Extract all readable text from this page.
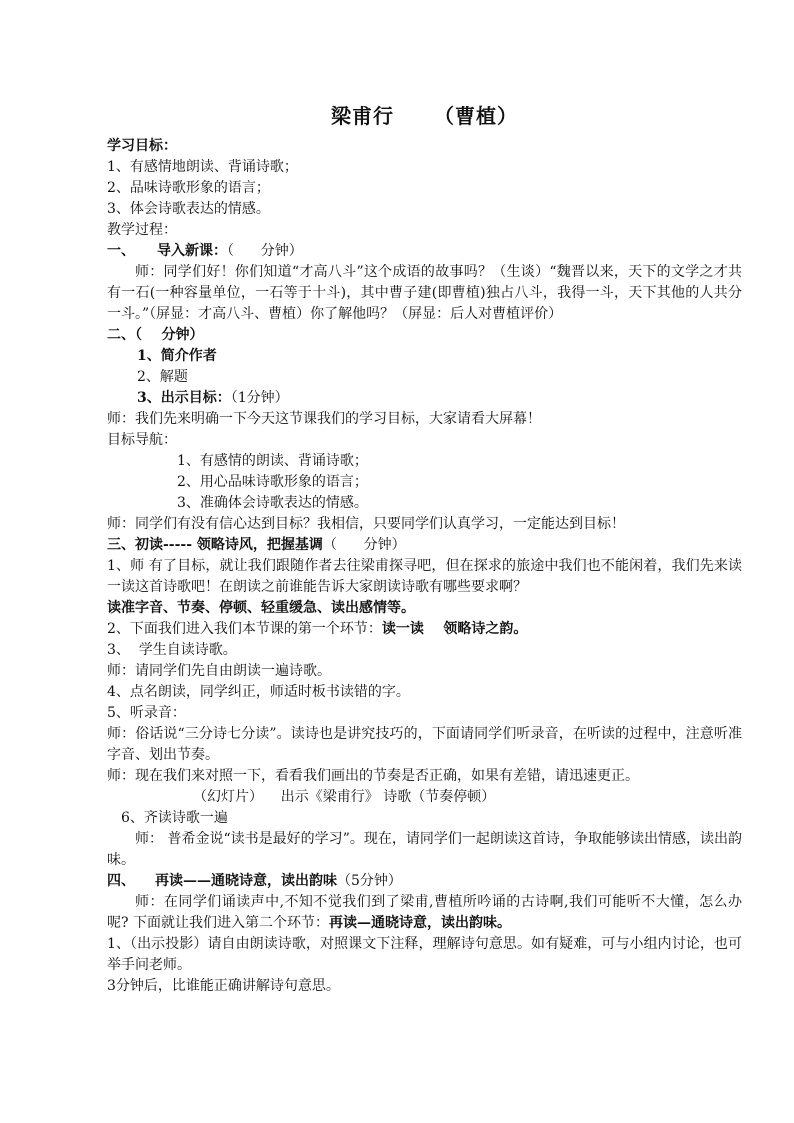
梁甫行 （曹植）
学习目标：
1、有感情地朗读、背诵诗歌；
2、品味诗歌形象的语言；
3、体会诗歌表达的情感。
教学过程：
一、 导入新课：（      分钟）
师：同学们好！你们知道“才高八斗”这个成语的故事吗？（生谈）“魏晋以来，天下的文学之才共有一石(一种容量单位，一石等于十斗)，其中曹子建(即曹植)独占八斗，我得一斗，天下其他的人共分一斗。”（屏显：才高八斗、曹植）你了解他吗？（屏显：后人对曹植评价）
二、（    分钟）
1、简介作者
2、解题
3、出示目标：（1分钟）
师：我们先来明确一下今天这节课我们的学习目标，大家请看大屏幕！
目标导航：
1、有感情的朗读、背诵诗歌；
2、用心品味诗歌形象的语言；
3、准确体会诗歌表达的情感。
师：同学们有没有信心达到目标？我相信，只要同学们认真学习，一定能达到目标！
三、初读----- 领略诗风，把握基调（      分钟）
1、师 有了目标，就让我们跟随作者去往梁甫探寻吧，但在探求的旅途中我们也不能闲着，我们先来读一读这首诗歌吧！在朗读之前谁能告诉大家朗读诗歌有哪些要求啊？
读准字音、节奏、停顿、轻重缓急、读出感情等。
2、下面我们进入我们本节课的第一个环节：读一读    领略诗之韵。
3、  学生自读诗歌。
师：请同学们先自由朗读一遍诗歌。
4、点名朗读，同学纠正，师适时板书读错的字。
5、听录音：
师：俗话说“三分诗七分读”。读诗也是讲究技巧的，下面请同学们听录音，在听读的过程中，注意听准字音、划出节奏。
师：现在我们来对照一下，看看我们画出的节奏是否正确，如果有差错，请迅速更正。
（幻灯片）    出示《梁甫行》 诗歌（节奏停顿）
6、齐读诗歌一遍
师： 普希金说“读书是最好的学习”。现在，请同学们一起朗读这首诗，争取能够读出情感，读出韵味。
四、 再读——通晓诗意，读出韵味（5分钟）
师：在同学们诵读声中,不知不觉我们到了梁甫,曹植所吟诵的古诗啊,我们可能听不大懂，怎么办呢? 下面就让我们进入第二个环节：再读—通晓诗意，读出韵味。
1、（出示投影）请自由朗读诗歌，对照课文下注释，理解诗句意思。如有疑难，可与小组内讨论，也可举手问老师。
3分钟后，比谁能正确讲解诗句意思。
